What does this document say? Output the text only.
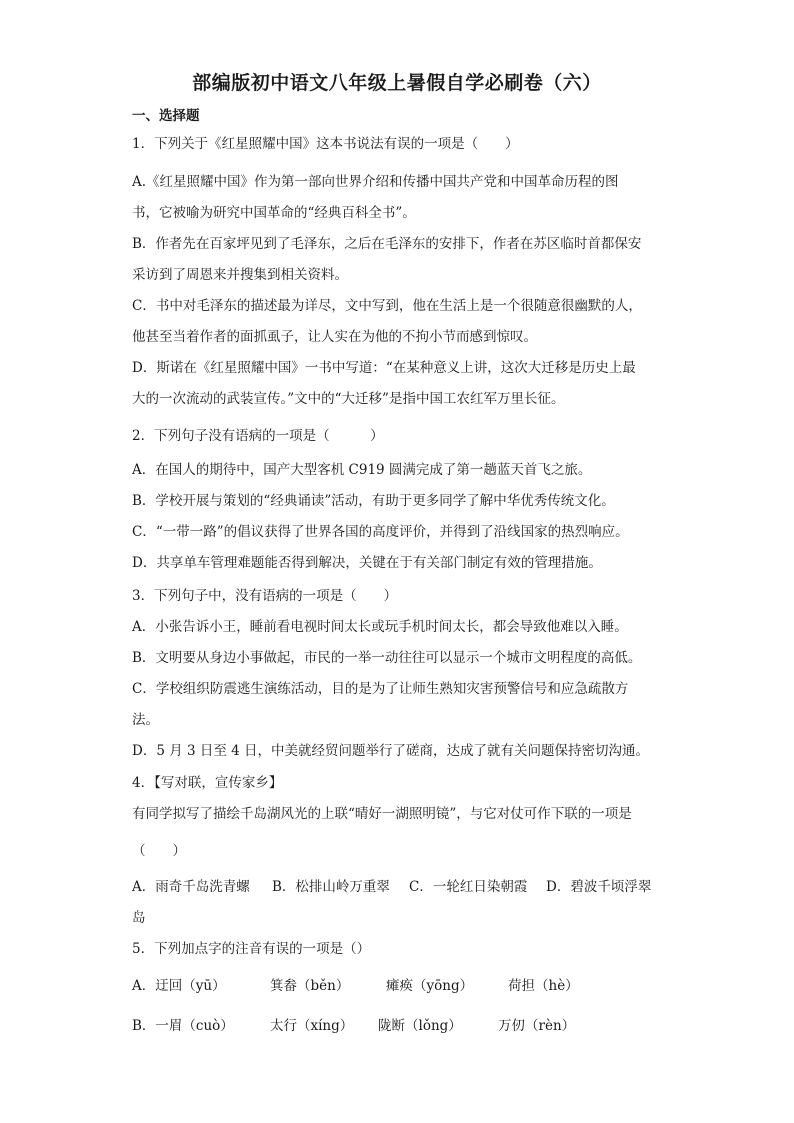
部编版初中语文八年级上暑假自学必刷卷（六）
一、选择题
1．下列关于《红星照耀中国》这本书说法有误的一项是（　　）
A.《红星照耀中国》作为第一部向世界介绍和传播中国共产党和中国革命历程的图
书，它被喻为研究中国革命的“经典百科全书”。
B．作者先在百家坪见到了毛泽东，之后在毛泽东的安排下，作者在苏区临时首都保安
采访到了周恩来并搜集到相关资料。
C．书中对毛泽东的描述最为详尽，文中写到，他在生活上是一个很随意很幽默的人，
他甚至当着作者的面抓虱子，让人实在为他的不拘小节而感到惊叹。
D．斯诺在《红星照耀中国》一书中写道：“在某种意义上讲，这次大迁移是历史上最
大的一次流动的武装宣传。”文中的“大迁移”是指中国工农红军万里长征。
2．下列句子没有语病的一项是（　　　）
A．在国人的期待中，国产大型客机 C919 圆满完成了第一趟蓝天首飞之旅。
B．学校开展与策划的“经典诵读”活动，有助于更多同学了解中华优秀传统文化。
C．“一带一路”的倡议获得了世界各国的高度评价，并得到了沿线国家的热烈响应。
D．共享单车管理难题能否得到解决，关键在于有关部门制定有效的管理措施。
3．下列句子中，没有语病的一项是（　　）
A．小张告诉小王，睡前看电视时间太长或玩手机时间太长，都会导致他难以入睡。
B．文明要从身边小事做起，市民的一举一动往往可以显示一个城市文明程度的高低。
C．学校组织防震逃生演练活动，目的是为了让师生熟知灾害预警信号和应急疏散方
法。
D．5 月 3 日至 4 日，中美就经贸问题举行了磋商，达成了就有关问题保持密切沟通。
4．【写对联，宣传家乡】
有同学拟写了描绘千岛湖风光的上联“晴好一湖照明镜”，与它对仗可作下联的一项是
（　　）
A．雨奇千岛洗青螺 B．松排山岭万重翠 C．一轮红日染朝霞 D．碧波千顷浮翠
岛
5．下列加点字的注音有误的一项是（）
A．迂回（yū）	箕畚（běn）	瘫痪（yōng）	荷担（hè）
B．一眉（cuò）	太行（xíng） 陇断（lǒng）	万仞（rèn）
